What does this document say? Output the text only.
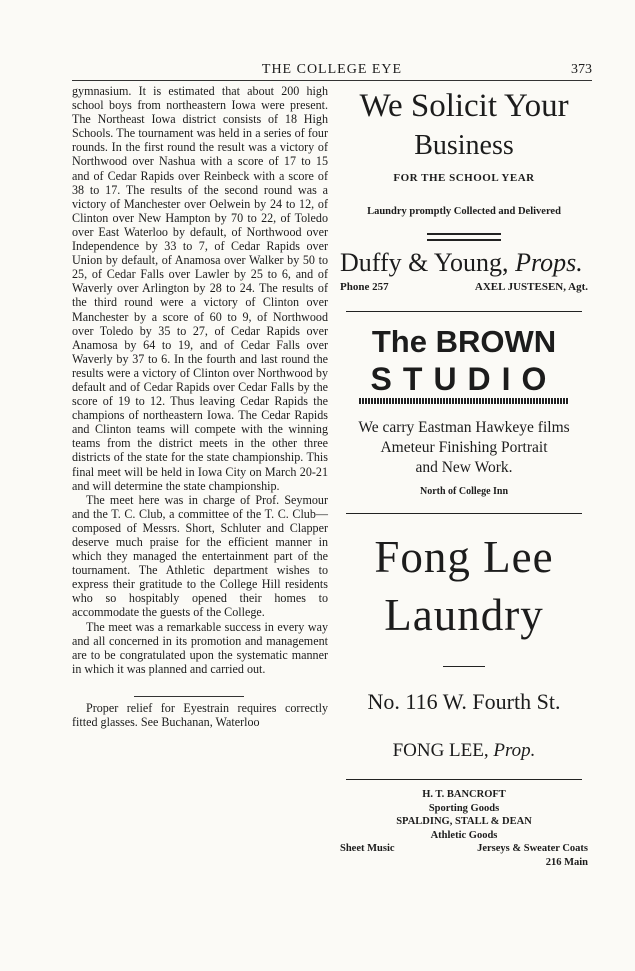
THE COLLEGE EYE	373

gymnasium. It is estimated that about 200 high school boys from northeastern Iowa were present. The Northeast Iowa district consists of 18 High Schools. The tournament was held in a series of four rounds. In the first round the result was a victory of Northwood over Nashua with a score of 17 to 15 and of Cedar Rapids over Reinbeck with a score of 38 to 17. The results of the second round was a victory of Manchester over Oelwein by 24 to 12, of Clinton over New Hampton by 70 to 22, of Toledo over East Waterloo by default, of Northwood over Independence by 33 to 7, of Cedar Rapids over Union by default, of Anamosa over Walker by 50 to 25, of Cedar Falls over Lawler by 25 to 6, and of Waverly over Arlington by 28 to 24. The results of the third round were a victory of Clinton over Manchester by a score of 60 to 9, of Northwood over Toledo by 35 to 27, of Cedar Rapids over Anamosa by 64 to 19, and of Cedar Falls over Waverly by 37 to 6. In the fourth and last round the results were a victory of Clinton over Northwood by default and of Cedar Rapids over Cedar Falls by the score of 19 to 12. Thus leaving Cedar Rapids the champions of northeastern Iowa. The Cedar Rapids and Clinton teams will compete with the winning teams from the district meets in the other three districts of the state for the state championship. This final meet will be held in Iowa City on March 20-21 and will determine the state championship.

The meet here was in charge of Prof. Seymour and the T. C. Club, a committee of the T. C. Club—composed of Messrs. Short, Schluter and Clapper deserve much praise for the efficient manner in which they managed the entertainment part of the tournament. The Athletic department wishes to express their gratitude to the College Hill residents who so hospitably opened their homes to accommodate the guests of the College.

The meet was a remarkable success in every way and all concerned in its promotion and management are to be congratulated upon the systematic manner in which it was planned and carried out.

Proper relief for Eyestrain requires correctly fitted glasses. See Buchanan, Waterloo

We Solicit Your
Business
FOR THE SCHOOL YEAR
Laundry promptly Collected and Delivered
Duffy & Young, Props.
Phone 257	AXEL JUSTESEN, Agt.
The BROWN
STUDIO
We carry Eastman Hawkeye films
Ameteur Finishing Portrait
and New Work.
North of College Inn
Fong Lee
Laundry
No. 116 W. Fourth St.
FONG LEE, Prop.
H. T. BANCROFT
Sporting Goods
SPALDING, STALL & DEAN
Athletic Goods
Sheet Music	Jerseys & Sweater Coats
216 Main
